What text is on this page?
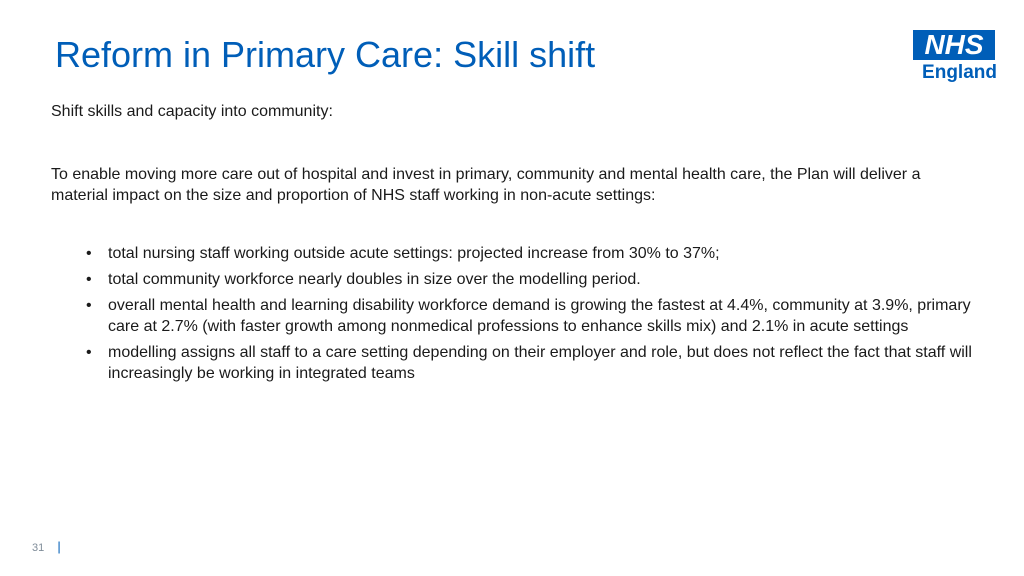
Reform in Primary Care: Skill shift	NHS
England

Shift skills and capacity into community:

To enable moving more care out of hospital and invest in primary, community and mental health care, the Plan will deliver a material impact on the size and proportion of NHS staff working in non-acute settings:

• total nursing staff working outside acute settings: projected increase from 30% to 37%;
• total community workforce nearly doubles in size over the modelling period.
• overall mental health and learning disability workforce demand is growing the fastest at 4.4%, community at 3.9%, primary care at 2.7% (with faster growth among nonmedical professions to enhance skills mix) and 2.1% in acute settings
• modelling assigns all staff to a care setting depending on their employer and role, but does not reflect the fact that staff will increasingly be working in integrated teams
31 |
